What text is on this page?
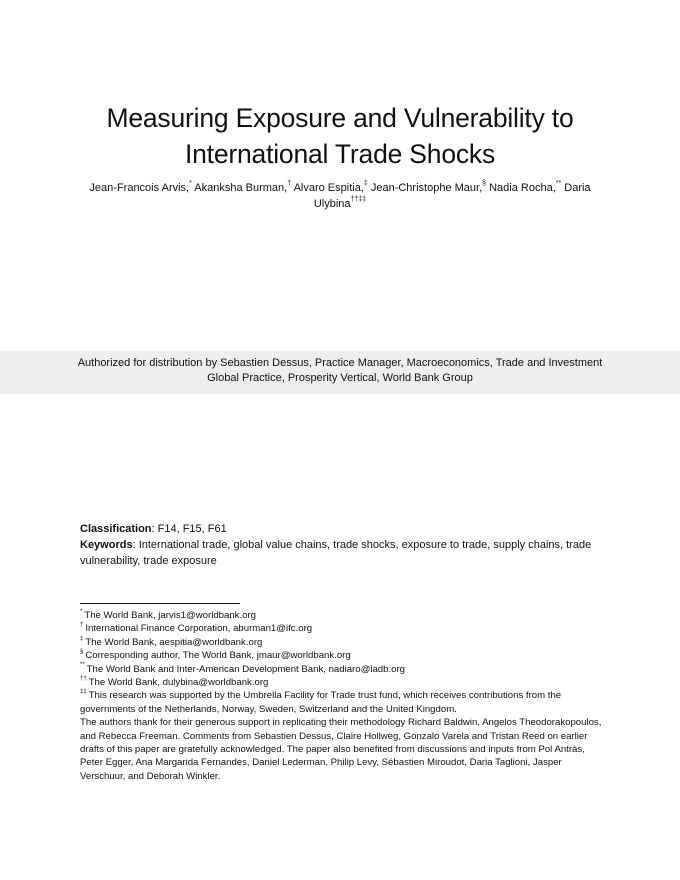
Measuring Exposure and Vulnerability to
International Trade Shocks
Jean-Francois Arvis,* Akanksha Burman,† Alvaro Espitia,‡ Jean-Christophe Maur,§ Nadia Rocha,** Daria Ulybina††‡‡
Authorized for distribution by Sebastien Dessus, Practice Manager, Macroeconomics, Trade and Investment
Global Practice, Prosperity Vertical, World Bank Group
Classification: F14, F15, F61
Keywords: International trade, global value chains, trade shocks, exposure to trade, supply chains, trade vulnerability, trade exposure

* The World Bank, jarvis1@worldbank.org

† International Finance Corporation, aburman1@ifc.org

‡ The World Bank, aespitia@worldbank.org

§ Corresponding author, The World Bank, jmaur@worldbank.org

** The World Bank and Inter-American Development Bank, nadiaro@iadb.org

†† The World Bank, dulybina@worldbank.org

‡‡ This research was supported by the Umbrella Facility for Trade trust fund, which receives contributions from the governments of the Netherlands, Norway, Sweden, Switzerland and the United Kingdom.

The authors thank for their generous support in replicating their methodology Richard Baldwin, Angelos Theodorakopoulos, and Rebecca Freeman. Comments from Sebastien Dessus, Claire Hollweg, Gonzalo Varela and Tristan Reed on earlier drafts of this paper are gratefully acknowledged. The paper also benefited from discussions and inputs from Pol Antràs, Peter Egger, Ana Margarida Fernandes, Daniel Lederman, Philip Levy, Sébastien Miroudot, Daria Taglioni, Jasper Verschuur, and Deborah Winkler.
